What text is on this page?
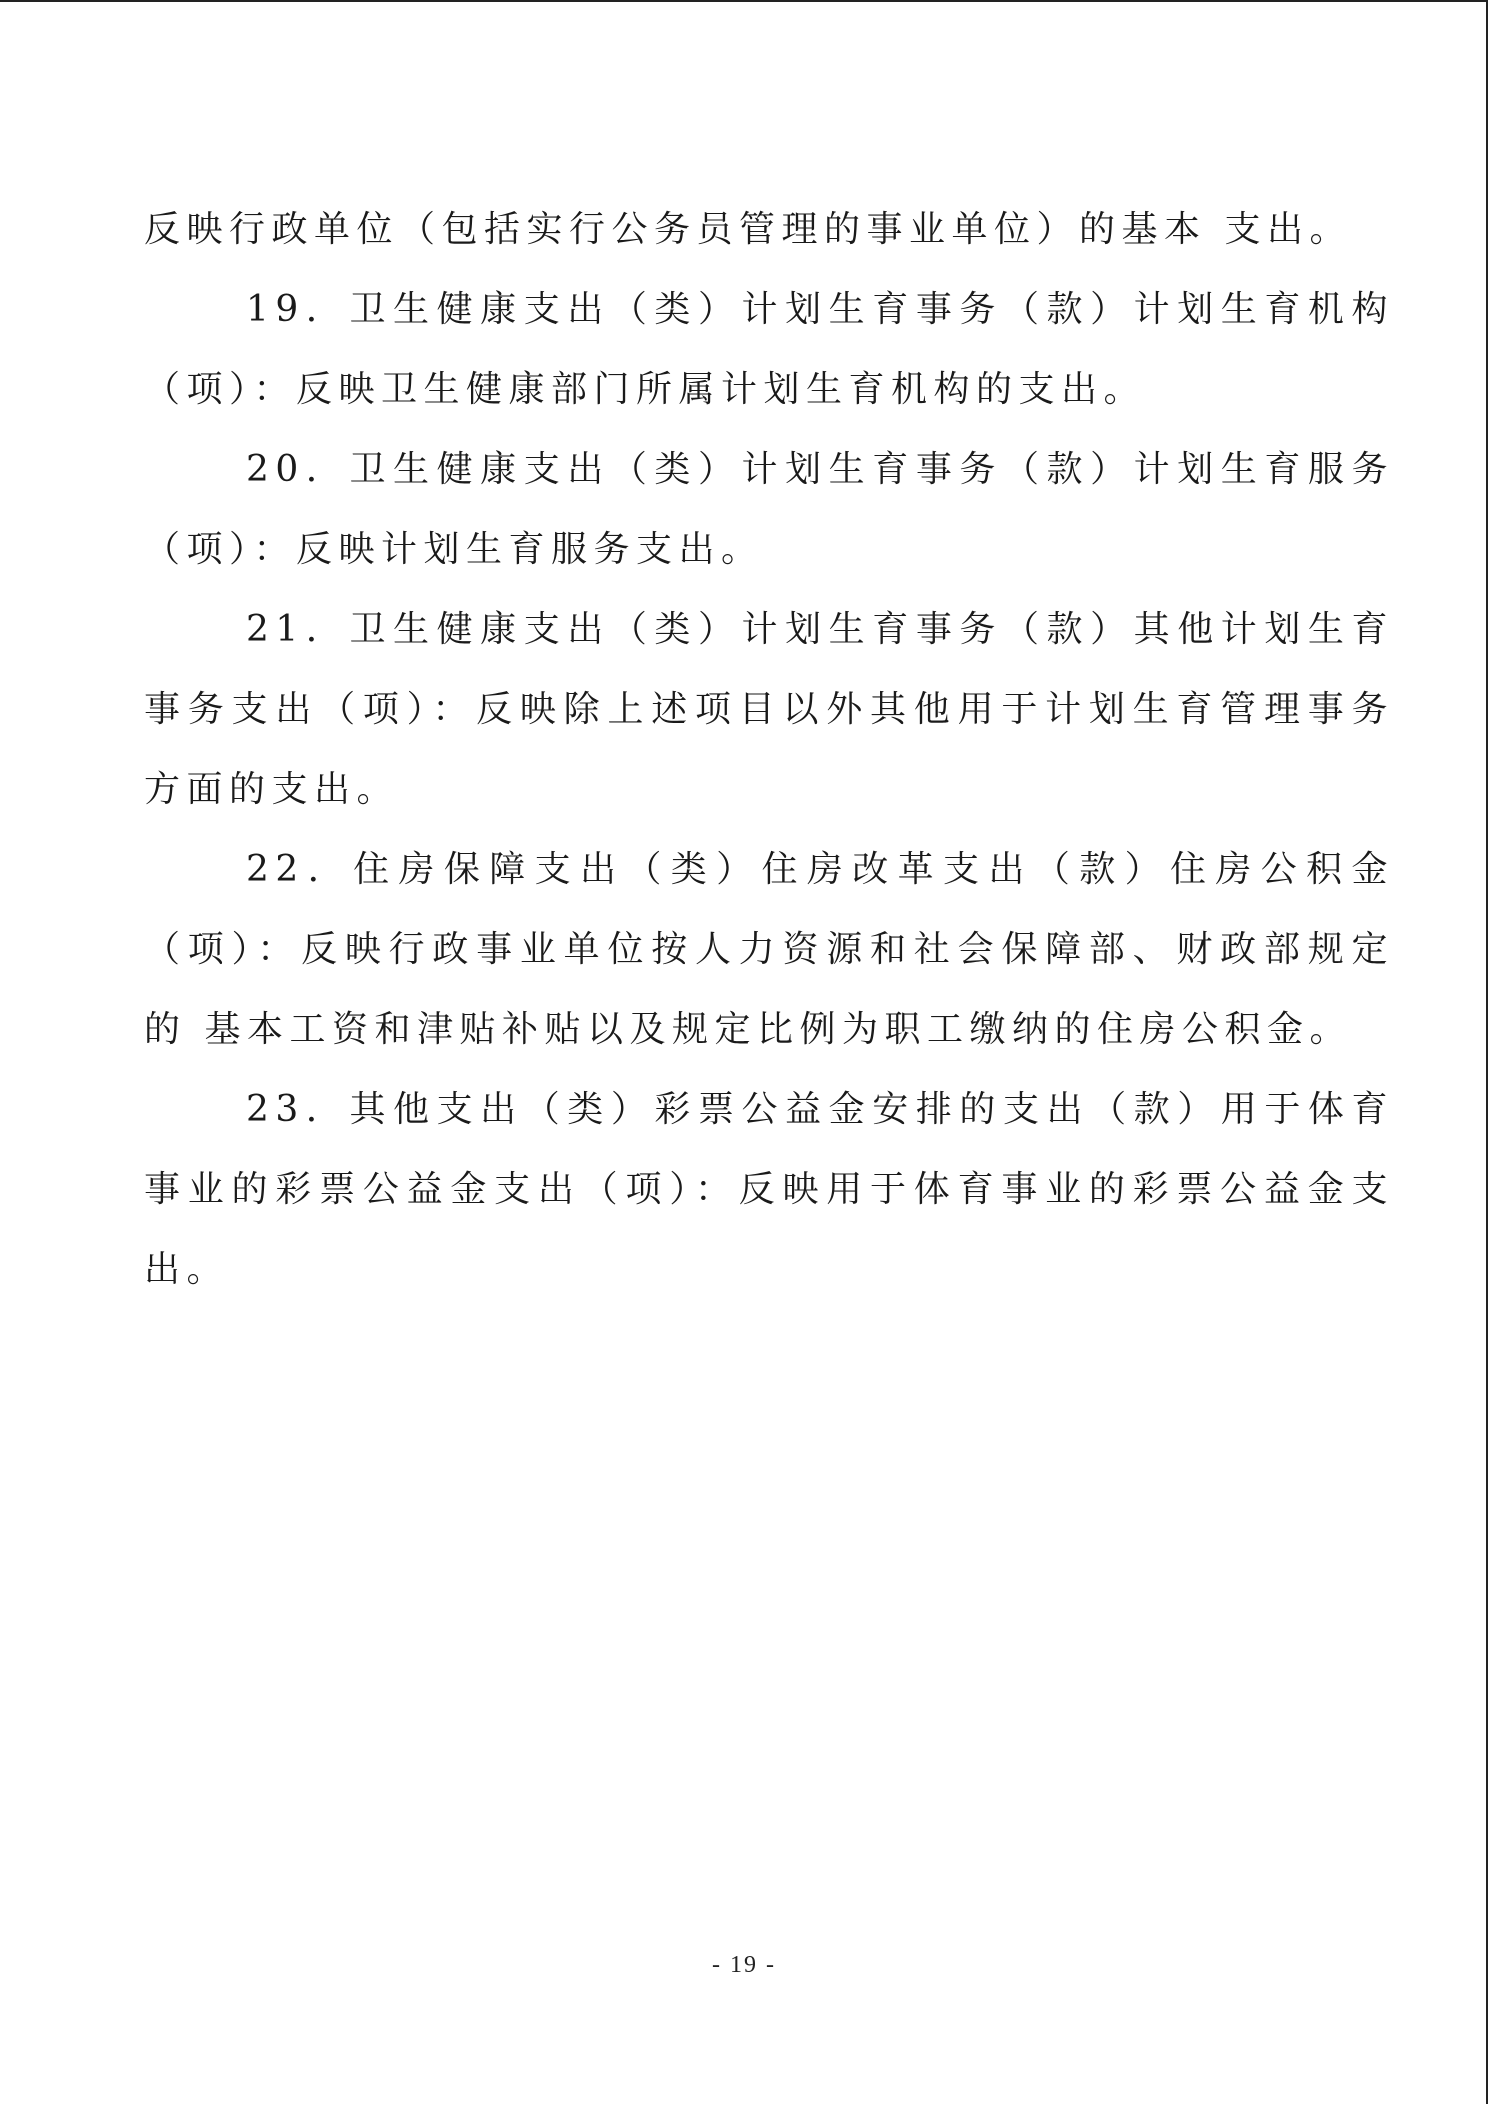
反映行政单位（包括实行公务员管理的事业单位）的基本 支出。

19．卫生健康支出（类）计划生育事务（款）计划生育机构（项）：反映卫生健康部门所属计划生育机构的支出。

20．卫生健康支出（类）计划生育事务（款）计划生育服务（项）：反映计划生育服务支出。

21．卫生健康支出（类）计划生育事务（款）其他计划生育事务支出（项）：反映除上述项目以外其他用于计划生育管理事务方面的支出。

22．住房保障支出（类）住房改革支出（款）住房公积金（项）：反映行政事业单位按人力资源和社会保障部、财政部规定的 基本工资和津贴补贴以及规定比例为职工缴纳的住房公积金。

23．其他支出（类）彩票公益金安排的支出（款）用于体育事业的彩票公益金支出（项）：反映用于体育事业的彩票公益金支出。

- 19 -
